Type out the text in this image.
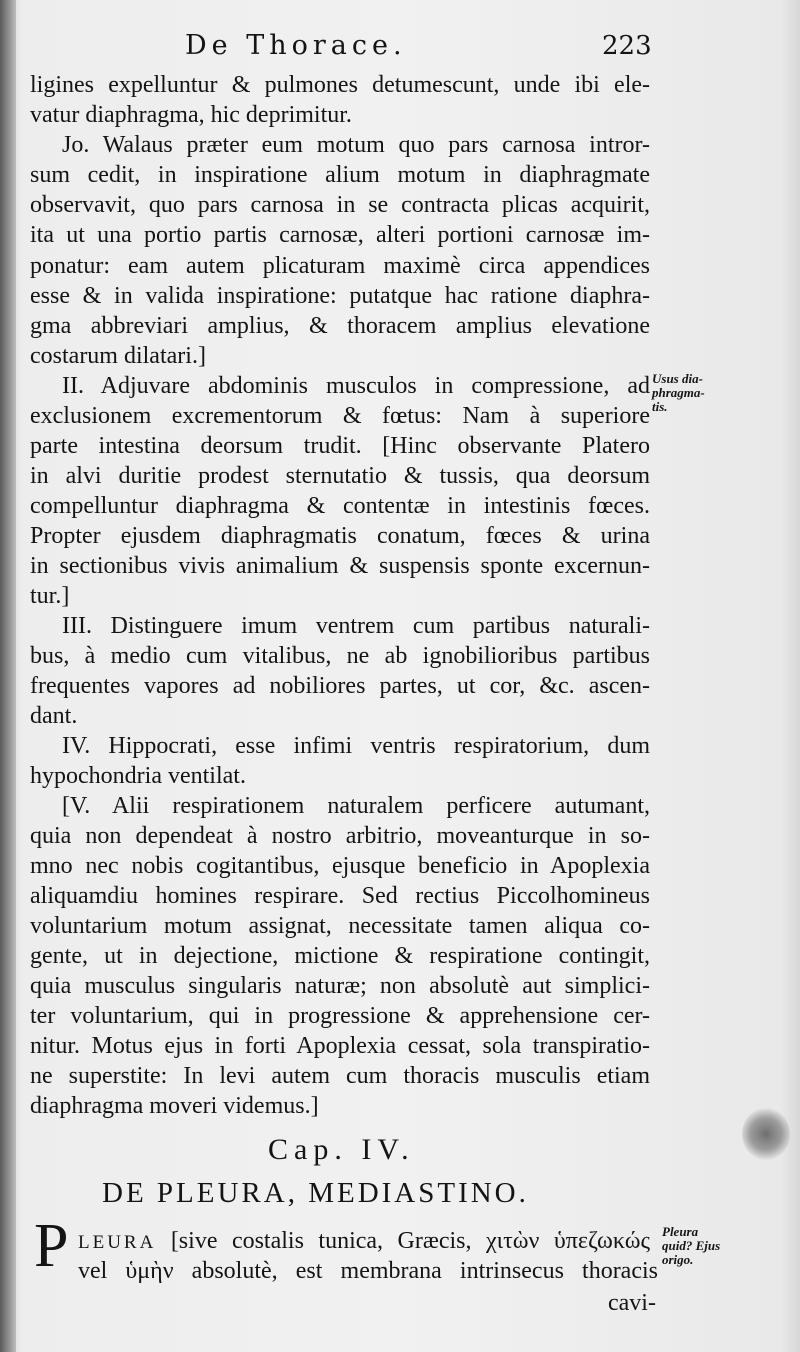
De Thorace.	223
ligines expelluntur & pulmones detumescunt, unde ibi ele-
vatur diaphragma, hic deprimitur.
Jo. Walaus præter eum motum quo pars carnosa intror-
sum cedit, in inspiratione alium motum in diaphragmate
observavit, quo pars carnosa in se contracta plicas acquirit,
ita ut una portio partis carnosæ, alteri portioni carnosæ im-
ponatur: eam autem plicaturam maximè circa appendices
esse & in valida inspiratione: putatque hac ratione diaphra-
gma abbreviari amplius, & thoracem amplius elevatione
costarum dilatari.]
II. Adjuvare abdominis musculos in compressione, ad
exclusionem excrementorum & fœtus: Nam à superiore
parte intestina deorsum trudit. [Hinc observante Platero
in alvi duritie prodest sternutatio & tussis, qua deorsum
compelluntur diaphragma & contentæ in intestinis fœces.
Propter ejusdem diaphragmatis conatum, fœces & urina
in sectionibus vivis animalium & suspensis sponte excernun-
tur.]
III. Distinguere imum ventrem cum partibus naturali-
bus, à medio cum vitalibus, ne ab ignobilioribus partibus
frequentes vapores ad nobiliores partes, ut cor, &c. ascen-
dant.
IV. Hippocrati, esse infimi ventris respiratorium, dum
hypochondria ventilat.
[V. Alii respirationem naturalem perficere autumant,
quia non dependeat à nostro arbitrio, moveanturque in so-
mno nec nobis cogitantibus, ejusque beneficio in Apoplexia
aliquamdiu homines respirare. Sed rectius Piccolhomineus
voluntarium motum assignat, necessitate tamen aliqua co-
gente, ut in dejectione, mictione & respiratione contingit,
quia musculus singularis naturæ; non absolutè aut simplici-
ter voluntarium, qui in progressione & apprehensione cer-
nitur. Motus ejus in forti Apoplexia cessat, sola transpiratio-
ne superstite: In levi autem cum thoracis musculis etiam
diaphragma moveri videmus.]
Usus dia-
phragma-
tis.
Cap. IV.
DE PLEURA, MEDIASTINO.
P LEURA [sive costalis tunica, Græcis, χιτὼν ὑπεζωκώς
vel ὑμὴν absolutè, est membrana intrinsecus thoracis
Pleura
quid? Ejus
origo.
cavi-
